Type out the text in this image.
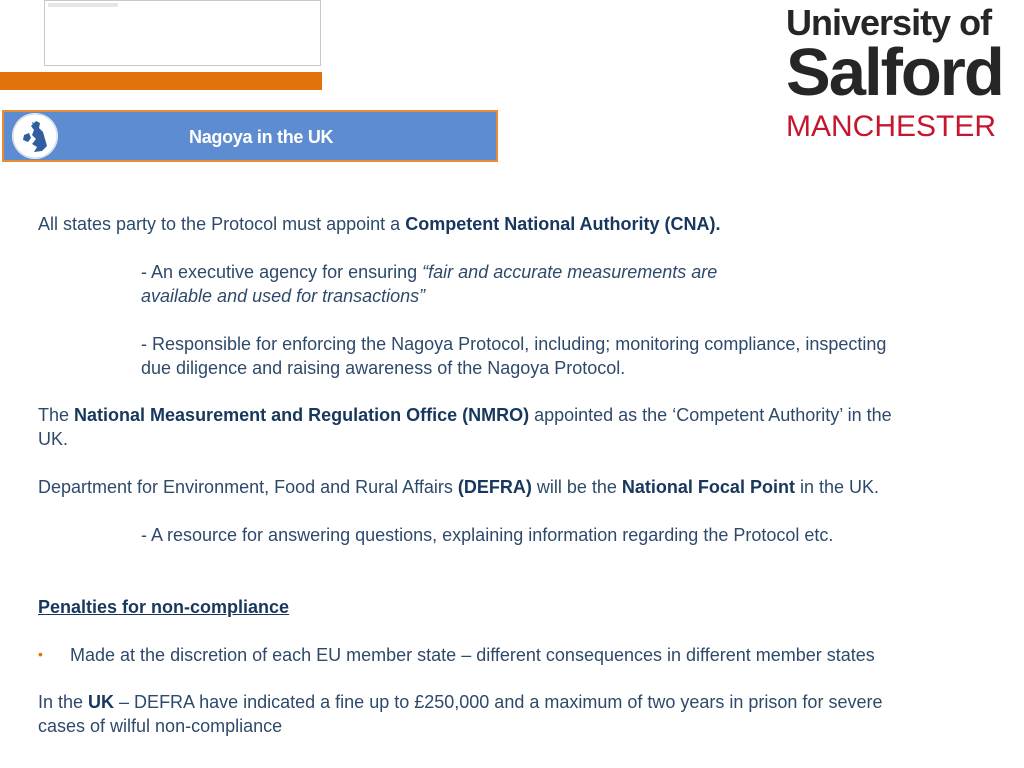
Nagoya in the UK
University of
Salford
MANCHESTER
All states party to the Protocol must appoint a Competent National Authority (CNA).
- An executive agency for ensuring “fair and accurate measurements are
available and used for transactions”
- Responsible for enforcing the Nagoya Protocol, including; monitoring compliance, inspecting
due diligence and raising awareness of the Nagoya Protocol.
The National Measurement and Regulation Office (NMRO) appointed as the ‘Competent Authority’ in the
UK.
Department for Environment, Food and Rural Affairs (DEFRA) will be the National Focal Point in the UK.
- A resource for answering questions, explaining information regarding the Protocol etc.
Penalties for non-compliance
• Made at the discretion of each EU member state – different consequences in different member states
In the UK – DEFRA have indicated a fine up to £250,000 and a maximum of two years in prison for severe
cases of wilful non-compliance
